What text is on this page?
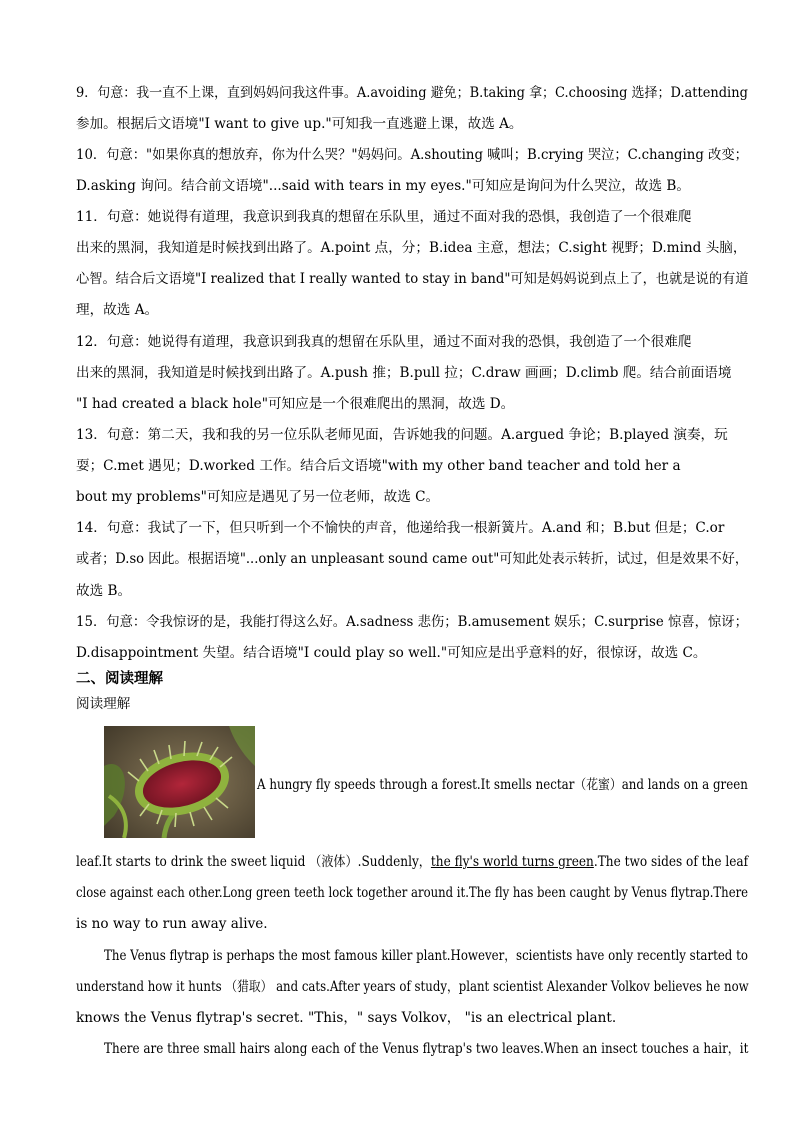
9．句意：我一直不上课，直到妈妈问我这件事。A.avoiding 避免；B.taking 拿；C.choosing 选择；D.attending
参加。根据后文语境"I want to give up."可知我一直逃避上课，故选 A。
10．句意："如果你真的想放弃，你为什么哭？"妈妈问。A.shouting 喊叫；B.crying 哭泣；C.changing 改变；
D.asking 询问。结合前文语境"...said with tears in my eyes."可知应是询问为什么哭泣，故选 B。
11．句意：她说得有道理，我意识到我真的想留在乐队里，通过不面对我的恐惧，我创造了一个很难爬
出来的黑洞，我知道是时候找到出路了。A.point 点，分；B.idea 主意，想法；C.sight 视野；D.mind 头脑，
心智。结合后文语境"I realized that I really wanted to stay in band"可知是妈妈说到点上了，也就是说的有道
理，故选 A。
12．句意：她说得有道理，我意识到我真的想留在乐队里，通过不面对我的恐惧，我创造了一个很难爬
出来的黑洞，我知道是时候找到出路了。A.push 推；B.pull 拉；C.draw 画画；D.climb 爬。结合前面语境
"I had created a black hole"可知应是一个很难爬出的黑洞，故选 D。
13．句意：第二天，我和我的另一位乐队老师见面，告诉她我的问题。A.argued 争论；B.played 演奏，玩
耍；C.met 遇见；D.worked 工作。结合后文语境"with my other band teacher and told her a
bout my problems"可知应是遇见了另一位老师，故选 C。
14．句意：我试了一下，但只听到一个不愉快的声音，他递给我一根新簧片。A.and 和；B.but 但是；C.or
或者；D.so 因此。根据语境"...only an unpleasant sound came out"可知此处表示转折，试过，但是效果不好，
故选 B。
15．句意：令我惊讶的是，我能打得这么好。A.sadness 悲伤；B.amusement 娱乐；C.surprise 惊喜，惊讶；
D.disappointment 失望。结合语境"I could play so well."可知应是出乎意料的好，很惊讶，故选 C。
二、阅读理解
阅读理解
A hungry fly speeds through a forest.It smells nectar（花蜜）and lands on a green
leaf.It starts to drink the sweet liquid （液体）.Suddenly，the fly's world turns green.The two sides of the leaf
close against each other.Long green teeth lock together around it.The fly has been caught by Venus flytrap.There
is no way to run away alive.
The Venus flytrap is perhaps the most famous killer plant.However，scientists have only recently started to
understand how it hunts （猎取） and cats.After years of study，plant scientist Alexander Volkov believes he now
knows the Venus flytrap's secret. "This，" says Volkov， "is an electrical plant.
There are three small hairs along each of the Venus flytrap's two leaves.When an insect touches a hair，it
